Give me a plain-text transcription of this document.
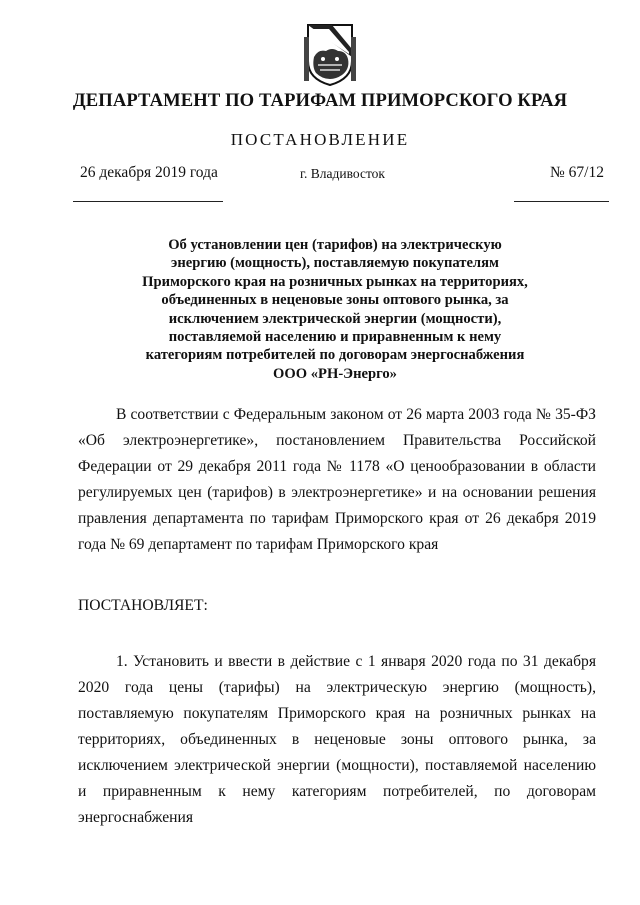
ДЕПАРТАМЕНТ ПО ТАРИФАМ ПРИМОРСКОГО КРАЯ
ПОСТАНОВЛЕНИЕ
26 декабря 2019 года	г. Владивосток	№ 67/12
Об установлении цен (тарифов) на электрическую энергию (мощность), поставляемую покупателям Приморского края на розничных рынках на территориях, объединенных в неценовые зоны оптового рынка, за исключением электрической энергии (мощности), поставляемой населению и приравненным к нему категориям потребителей по договорам энергоснабжения ООО «РН-Энерго»

В соответствии с Федеральным законом от 26 марта 2003 года № 35-ФЗ «Об электроэнергетике», постановлением Правительства Российской Федерации от 29 декабря 2011 года № 1178 «О ценообразовании в области регулируемых цен (тарифов) в электроэнергетике» и на основании решения правления департамента по тарифам Приморского края от 26 декабря 2019 года № 69 департамент по тарифам Приморского края

ПОСТАНОВЛЯЕТ:

1. Установить и ввести в действие с 1 января 2020 года по 31 декабря 2020 года цены (тарифы) на электрическую энергию (мощность), поставляемую покупателям Приморского края на розничных рынках на территориях, объединенных в неценовые зоны оптового рынка, за исключением электрической энергии (мощности), поставляемой населению и приравненным к нему категориям потребителей, по договорам энергоснабжения
